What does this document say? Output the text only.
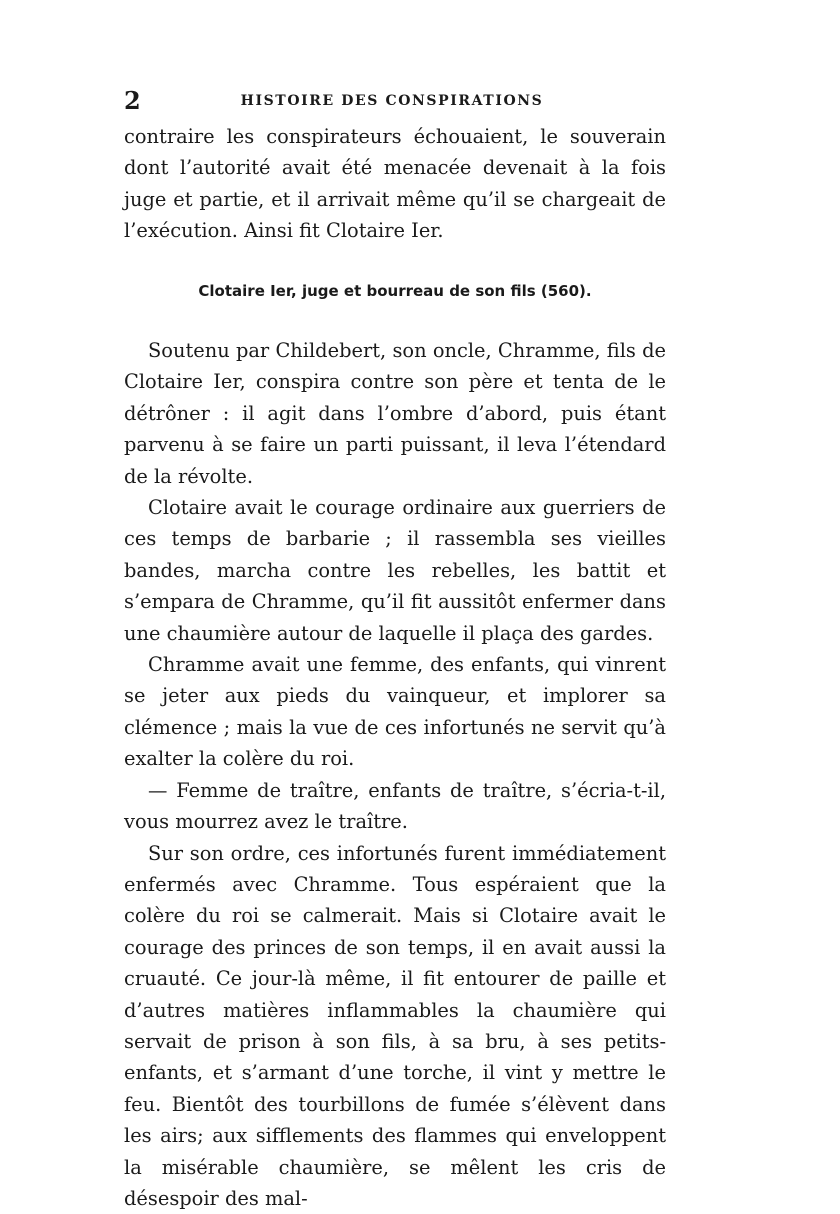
2	HISTOIRE DES CONSPIRATIONS

contraire les conspirateurs échouaient, le souverain dont l’autorité avait été menacée devenait à la fois juge et partie, et il arrivait même qu’il se chargeait de l’exécution. Ainsi fit Clotaire Ier.

Clotaire Ier, juge et bourreau de son fils (560).

Soutenu par Childebert, son oncle, Chramme, fils de Clotaire Ier, conspira contre son père et tenta de le détrôner : il agit dans l’ombre d’abord, puis étant parvenu à se faire un parti puissant, il leva l’étendard de la révolte.

Clotaire avait le courage ordinaire aux guerriers de ces temps de barbarie ; il rassembla ses vieilles bandes, marcha contre les rebelles, les battit et s’empara de Chramme, qu’il fit aussitôt enfermer dans une chaumière autour de laquelle il plaça des gardes.

Chramme avait une femme, des enfants, qui vinrent se jeter aux pieds du vainqueur, et implorer sa clémence ; mais la vue de ces infortunés ne servit qu’à exalter la colère du roi.

— Femme de traître, enfants de traître, s’écria-t-il, vous mourrez avez le traître.

Sur son ordre, ces infortunés furent immédiatement enfermés avec Chramme. Tous espéraient que la colère du roi se calmerait. Mais si Clotaire avait le courage des princes de son temps, il en avait aussi la cruauté. Ce jour-là même, il fit entourer de paille et d’autres matières inflammables la chaumière qui servait de prison à son fils, à sa bru, à ses petits-enfants, et s’armant d’une torche, il vint y mettre le feu. Bientôt des tourbillons de fumée s’élèvent dans les airs; aux sifflements des flammes qui enveloppent la misérable chaumière, se mêlent les cris de désespoir des mal-
